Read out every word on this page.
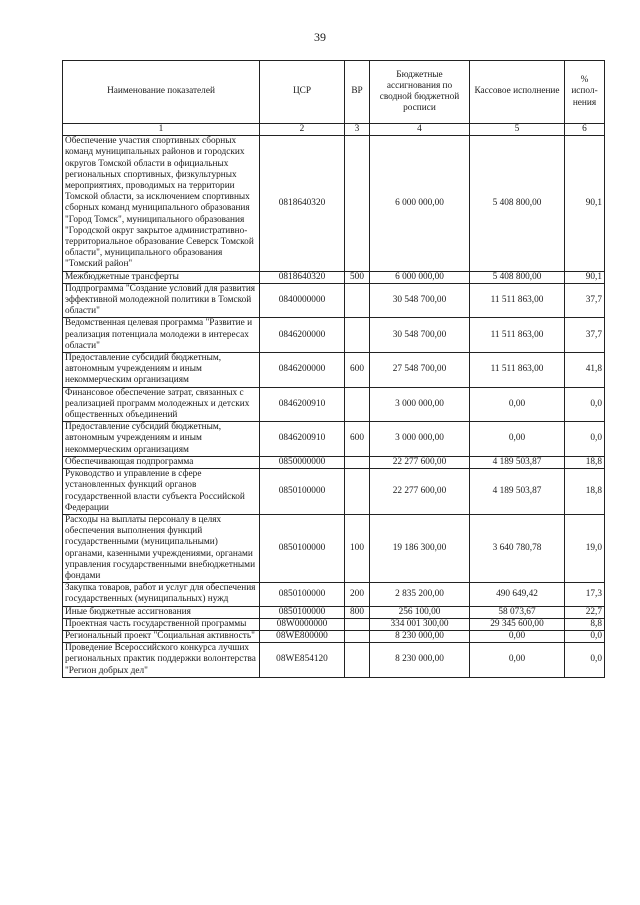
39
Наименование показателей	ЦСР	ВР	Бюджетные ассигнования по сводной бюджетной росписи	Кассовое исполнение	% испол-нения
1	2	3	4	5	6
Обеспечение участия спортивных сборных команд муниципальных районов и городских округов Томской области в официальных региональных спортивных, физкультурных мероприятиях, проводимых на территории Томской области, за исключением спортивных сборных команд муниципального образования "Город Томск", муниципального образования "Городской округ закрытое административно-территориальное образование Северск Томской области", муниципального образования "Томский район"	0818640320		6 000 000,00	5 408 800,00	90,1
Межбюджетные трансферты	0818640320	500	6 000 000,00	5 408 800,00	90,1
Подпрограмма "Создание условий для развития эффективной молодежной политики в Томской области"	0840000000		30 548 700,00	11 511 863,00	37,7
Ведомственная целевая программа "Развитие и реализация потенциала молодежи в интересах области"	0846200000		30 548 700,00	11 511 863,00	37,7
Предоставление субсидий бюджетным, автономным учреждениям и иным некоммерческим организациям	0846200000	600	27 548 700,00	11 511 863,00	41,8
Финансовое обеспечение затрат, связанных с реализацией программ молодежных и детских общественных объединений	0846200910		3 000 000,00	0,00	0,0
Предоставление субсидий бюджетным, автономным учреждениям и иным некоммерческим организациям	0846200910	600	3 000 000,00	0,00	0,0
Обеспечивающая подпрограмма	0850000000		22 277 600,00	4 189 503,87	18,8
Руководство и управление в сфере установленных функций органов государственной власти субъекта Российской Федерации	0850100000		22 277 600,00	4 189 503,87	18,8
Расходы на выплаты персоналу в целях обеспечения выполнения функций государственными (муниципальными) органами, казенными учреждениями, органами управления государственными внебюджетными фондами	0850100000	100	19 186 300,00	3 640 780,78	19,0
Закупка товаров, работ и услуг для обеспечения государственных (муниципальных) нужд	0850100000	200	2 835 200,00	490 649,42	17,3
Иные бюджетные ассигнования	0850100000	800	256 100,00	58 073,67	22,7
Проектная часть государственной программы	08W0000000		334 001 300,00	29 345 600,00	8,8
Региональный проект "Социальная активность"	08WE800000		8 230 000,00	0,00	0,0
Проведение Всероссийского конкурса лучших региональных практик поддержки волонтерства "Регион добрых дел"	08WE854120		8 230 000,00	0,00	0,0
